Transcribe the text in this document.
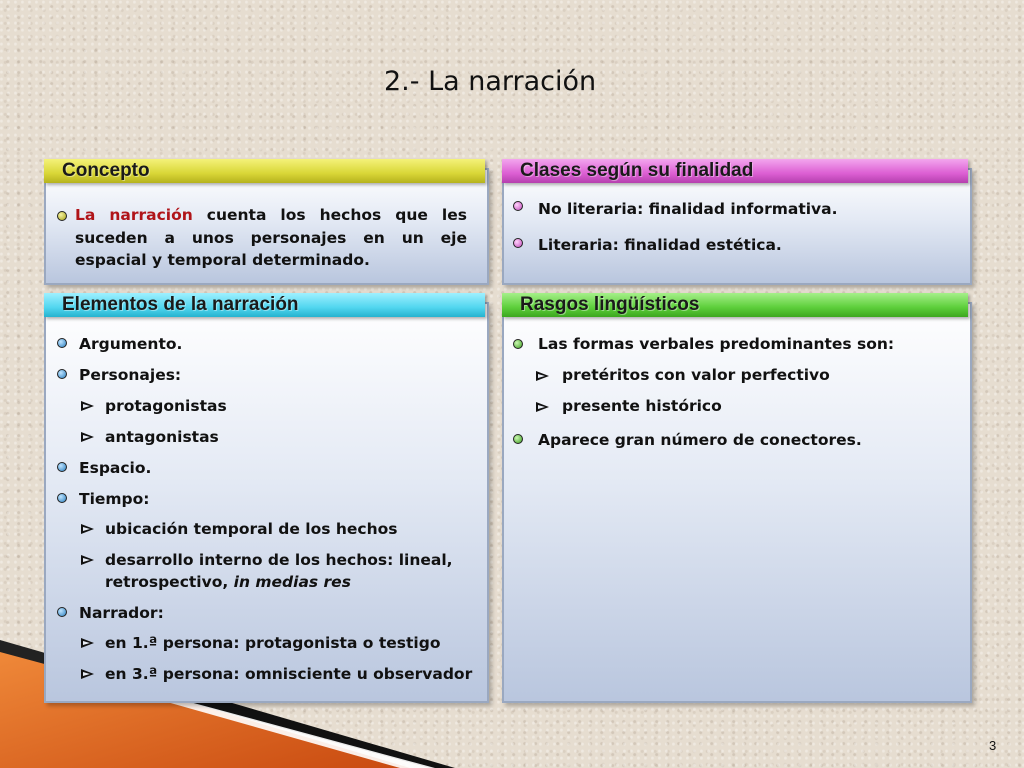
2.- La narración
Concepto
La narración cuenta los hechos que les suceden a unos personajes en un eje espacial y temporal determinado.
Clases según su finalidad
No literaria: finalidad informativa.
Literaria: finalidad estética.
Elementos de la narración
Argumento.
Personajes:
protagonistas
antagonistas
Espacio.
Tiempo:
ubicación temporal de los hechos
desarrollo interno de los hechos: lineal,
retrospectivo, in medias res
Narrador:
en 1.ª persona: protagonista o testigo
en 3.ª persona: omnisciente u observador
Rasgos lingüísticos
Las formas verbales predominantes son:
pretéritos con valor perfectivo
presente histórico
Aparece gran número de conectores.
3
